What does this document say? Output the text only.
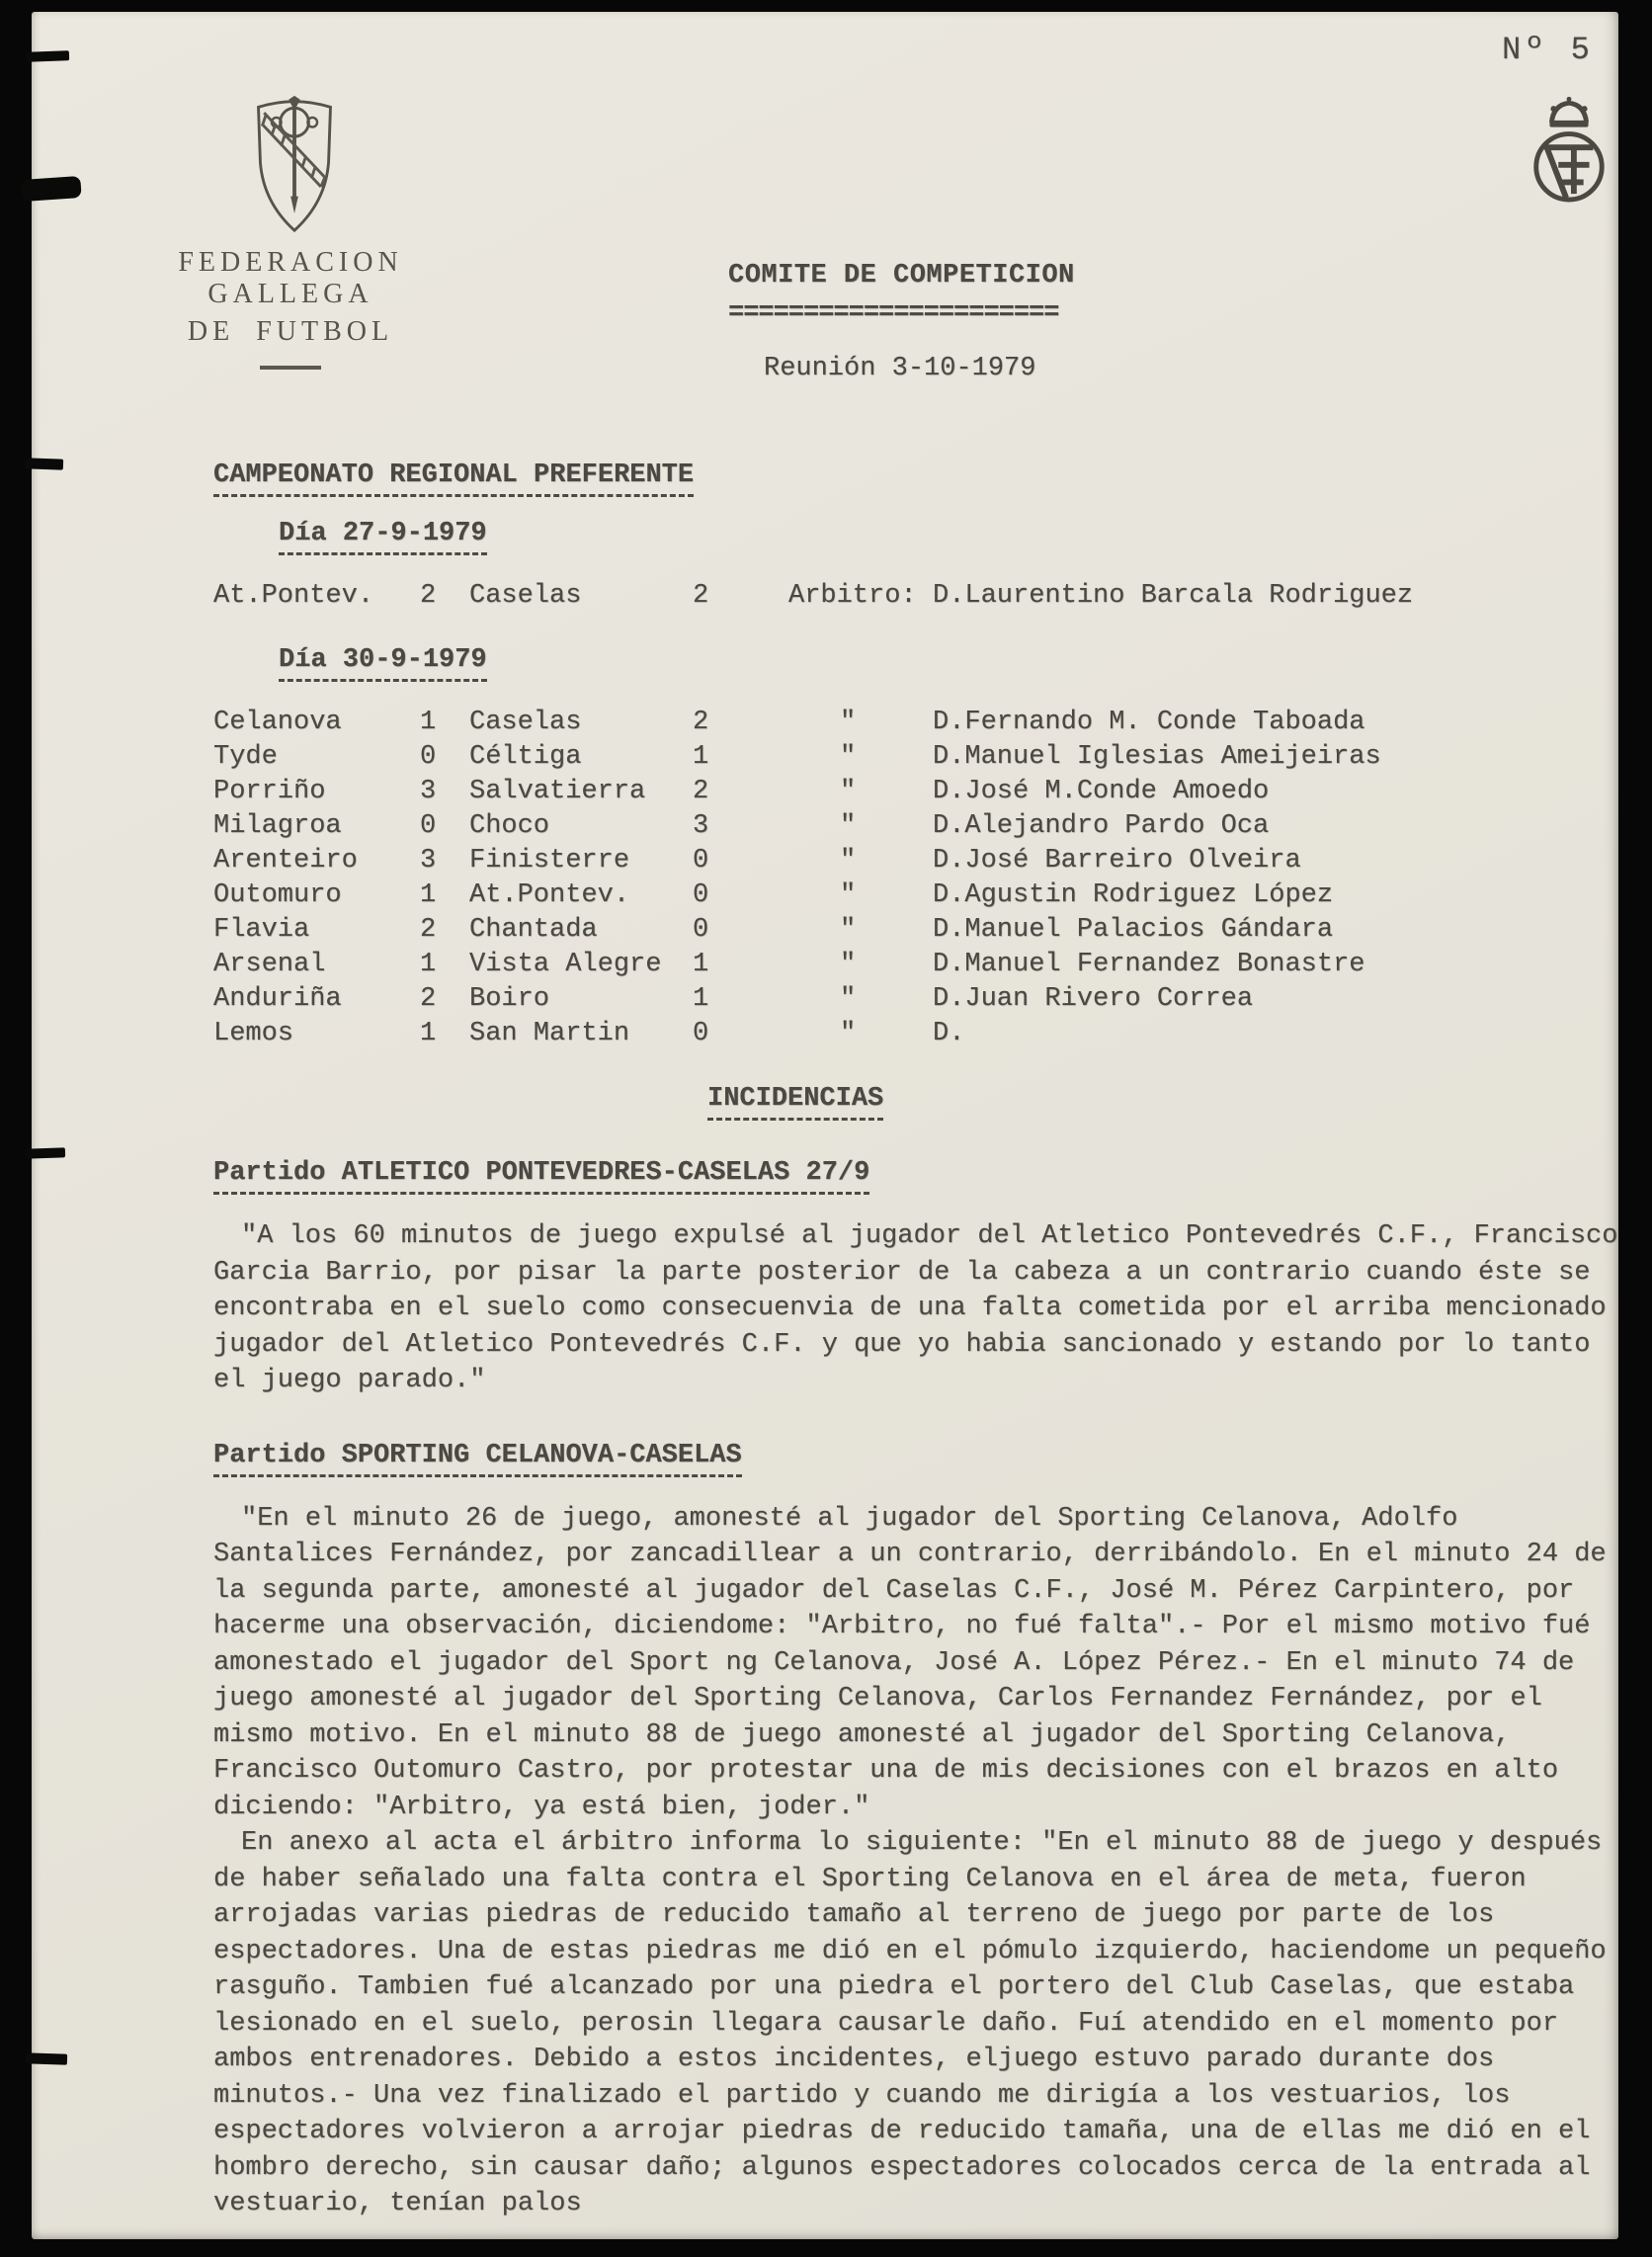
Nº 5
FEDERACION GALLEGA
DE FUTBOL
COMITE DE COMPETICION
======================
Reunión 3-10-1979
CAMPEONATO REGIONAL PREFERENTE
Día 27-9-1979
At.Pontev.	2	Caselas	2	Arbitro: D.Laurentino Barcala Rodriguez
Día 30-9-1979
Celanova	1	Caselas	2	"	D.Fernando M. Conde Taboada
Tyde	0	Céltiga	1	"	D.Manuel Iglesias Ameijeiras
Porriño	3	Salvatierra	2	"	D.José M.Conde Amoedo
Milagroa	0	Choco	3	"	D.Alejandro Pardo Oca
Arenteiro	3	Finisterre	0	"	D.José Barreiro Olveira
Outomuro	1	At.Pontev.	0	"	D.Agustin Rodriguez López
Flavia	2	Chantada	0	"	D.Manuel Palacios Gándara
Arsenal	1	Vista Alegre	1	"	D.Manuel Fernandez Bonastre
Anduriña	2	Boiro	1	"	D.Juan Rivero Correa
Lemos	1	San Martin	0	"	D.
INCIDENCIAS
Partido ATLETICO PONTEVEDRES-CASELAS 27/9

"A los 60 minutos de juego expulsé al jugador del Atletico Pontevedrés C.F., Francisco Garcia Barrio, por pisar la parte posterior de la cabeza a un contrario cuando éste se encontraba en el suelo como consecuenvia de una falta cometida por el arriba mencionado jugador del Atletico Pontevedrés C.F. y que yo habia sancionado y estando por lo tanto el juego parado."

Partido SPORTING CELANOVA-CASELAS

"En el minuto 26 de juego, amonesté al jugador del Sporting Celanova, Adolfo Santalices Fernández, por zancadillear a un contrario, derribándolo. En el minuto 24 de la segunda parte, amonesté al jugador del Caselas C.F., José M. Pérez Carpintero, por hacerme una observación, diciendome: "Arbitro, no fué falta".- Por el mismo motivo fué amonestado el jugador del Sport ng Celanova, José A. López Pérez.- En el minuto 74 de juego amonesté al jugador del Sporting Celanova, Carlos Fernandez Fernández, por el mismo motivo. En el minuto 88 de juego amonesté al jugador del Sporting Celanova, Francisco Outomuro Castro, por protestar una de mis decisiones con el brazos en alto diciendo: "Arbitro, ya está bien, joder."

En anexo al acta el árbitro informa lo siguiente: "En el minuto 88 de juego y después de haber señalado una falta contra el Sporting Celanova en el área de meta, fueron arrojadas varias piedras de reducido tamaño al terreno de juego por parte de los espectadores. Una de estas piedras me dió en el pómulo izquierdo, haciendome un pequeño rasguño. Tambien fué alcanzado por una piedra el portero del Club Caselas, que estaba lesionado en el suelo, perosin llegara causarle daño. Fuí atendido en el momento por ambos entrenadores. Debido a estos incidentes, eljuego estuvo parado durante dos minutos.- Una vez finalizado el partido y cuando me dirigía a los vestuarios, los espectadores volvieron a arrojar piedras de reducido tamaña, una de ellas me dió en el hombro derecho, sin causar daño; algunos espectadores colocados cerca de la entrada al vestuario, tenían palos
